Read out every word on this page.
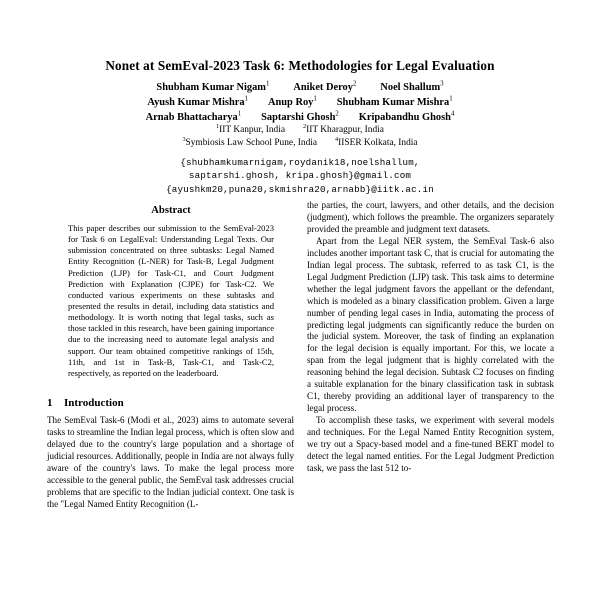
Nonet at SemEval-2023 Task 6: Methodologies for Legal Evaluation
Shubham Kumar Nigam$^1$ Aniket Deroy$^2$ Noel Shallum$^3$
Ayush Kumar Mishra$^1$ Anup Roy$^1$ Shubham Kumar Mishra$^1$
Arnab Bhattacharya$^1$ Saptarshi Ghosh$^2$ Kripabandhu Ghosh$^4$
$^1$IIT Kanpur, India	$^2$IIT Kharagpur, India
$^3$Symbiosis Law School Pune, India	$^4$IISER Kolkata, India
{shubhamkumarnigam,roydanik18,noelshallum,
saptarshi.ghosh, kripa.ghosh}@gmail.com
{ayushkm20,puna20,skmishra20,arnabb}@iitk.ac.in
Abstract
This paper describes our submission to the SemEval-2023 for Task 6 on LegalEval: Understanding Legal Texts. Our submission concentrated on three subtasks: Legal Named Entity Recognition (L-NER) for Task-B, Legal Judgment Prediction (LJP) for Task-C1, and Court Judgment Prediction with Explanation (CJPE) for Task-C2. We conducted various experiments on these subtasks and presented the results in detail, including data statistics and methodology. It is worth noting that legal tasks, such as those tackled in this research, have been gaining importance due to the increasing need to automate legal analysis and support. Our team obtained competitive rankings of 15th, 11th, and 1st in Task-B, Task-C1, and Task-C2, respectively, as reported on the leaderboard.
1 Introduction

The SemEval Task-6 (Modi et al., 2023) aims to automate several tasks to streamline the Indian legal process, which is often slow and delayed due to the country's large population and a shortage of judicial resources. Additionally, people in India are not always fully aware of the country's laws. To make the legal process more accessible to the general public, the SemEval task addresses crucial problems that are specific to the Indian judicial context. One task is the "Legal Named Entity Recognition (L-

the parties, the court, lawyers, and other details, and the decision (judgment), which follows the preamble. The organizers separately provided the preamble and judgment text datasets.

Apart from the Legal NER system, the SemEval Task-6 also includes another important task C, that is crucial for automating the Indian legal process. The subtask, referred to as task C1, is the Legal Judgment Prediction (LJP) task. This task aims to determine whether the legal judgment favors the appellant or the defendant, which is modeled as a binary classification problem. Given a large number of pending legal cases in India, automating the process of predicting legal judgments can significantly reduce the burden on the judicial system. Moreover, the task of finding an explanation for the legal decision is equally important. For this, we locate a span from the legal judgment that is highly correlated with the reasoning behind the legal decision. Subtask C2 focuses on finding a suitable explanation for the binary classification task in subtask C1, thereby providing an additional layer of transparency to the legal process.

To accomplish these tasks, we experiment with several models and techniques. For the Legal Named Entity Recognition system, we try out a Spacy-based model and a fine-tuned BERT model to detect the legal named entities. For the Legal Judgment Prediction task, we pass the last 512 to-
